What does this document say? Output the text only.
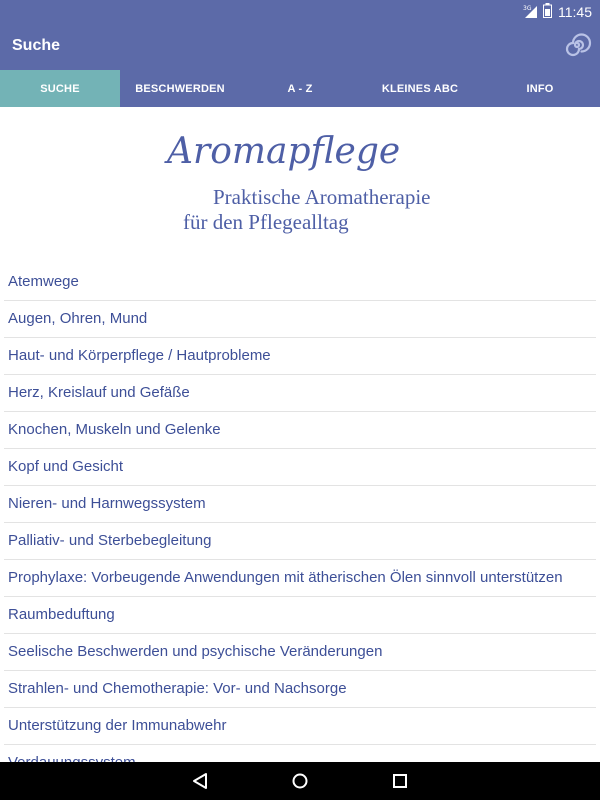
3G 11:45
Suche
SUCHE	BESCHWERDEN	A - Z	KLEINES ABC	INFO
Aromapflege
Praktische Aromatherapie
für den Pflegealltag
Atemwege
Augen, Ohren, Mund
Haut- und Körperpflege / Hautprobleme
Herz, Kreislauf und Gefäße
Knochen, Muskeln und Gelenke
Kopf und Gesicht
Nieren- und Harnwegssystem
Palliativ- und Sterbebegleitung
Prophylaxe: Vorbeugende Anwendungen mit ätherischen Ölen sinnvoll unterstützen
Raumbeduftung
Seelische Beschwerden und psychische Veränderungen
Strahlen- und Chemotherapie: Vor- und Nachsorge
Unterstützung der Immunabwehr
